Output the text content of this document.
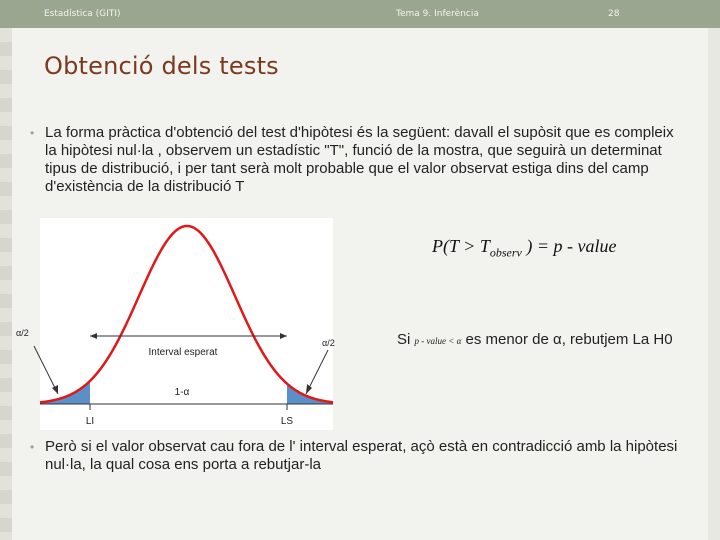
Estadística (GITI)	Tema 9. Inferència	28
Obtenció dels tests
• La forma pràctica d'obtenció del test d'hipòtesi és la següent: davall el supòsit que es compleix la hipòtesi nul·la , observem un estadístic "T", funció de la mostra, que seguirà un determinat tipus de distribució, i per tant serà molt probable que el valor observat estiga dins del camp d'existència de la distribució T
Interval esperat
1-α
α/2
α/2
LI	LS
$P(T > T_{observ}$ ) = p - value
Si p - value < α es menor de α, rebutjem La H0
• Però si el valor observat cau fora de l' interval esperat, açò està en contradicció amb la hipòtesi nul·la, la qual cosa ens porta a rebutjar-la
